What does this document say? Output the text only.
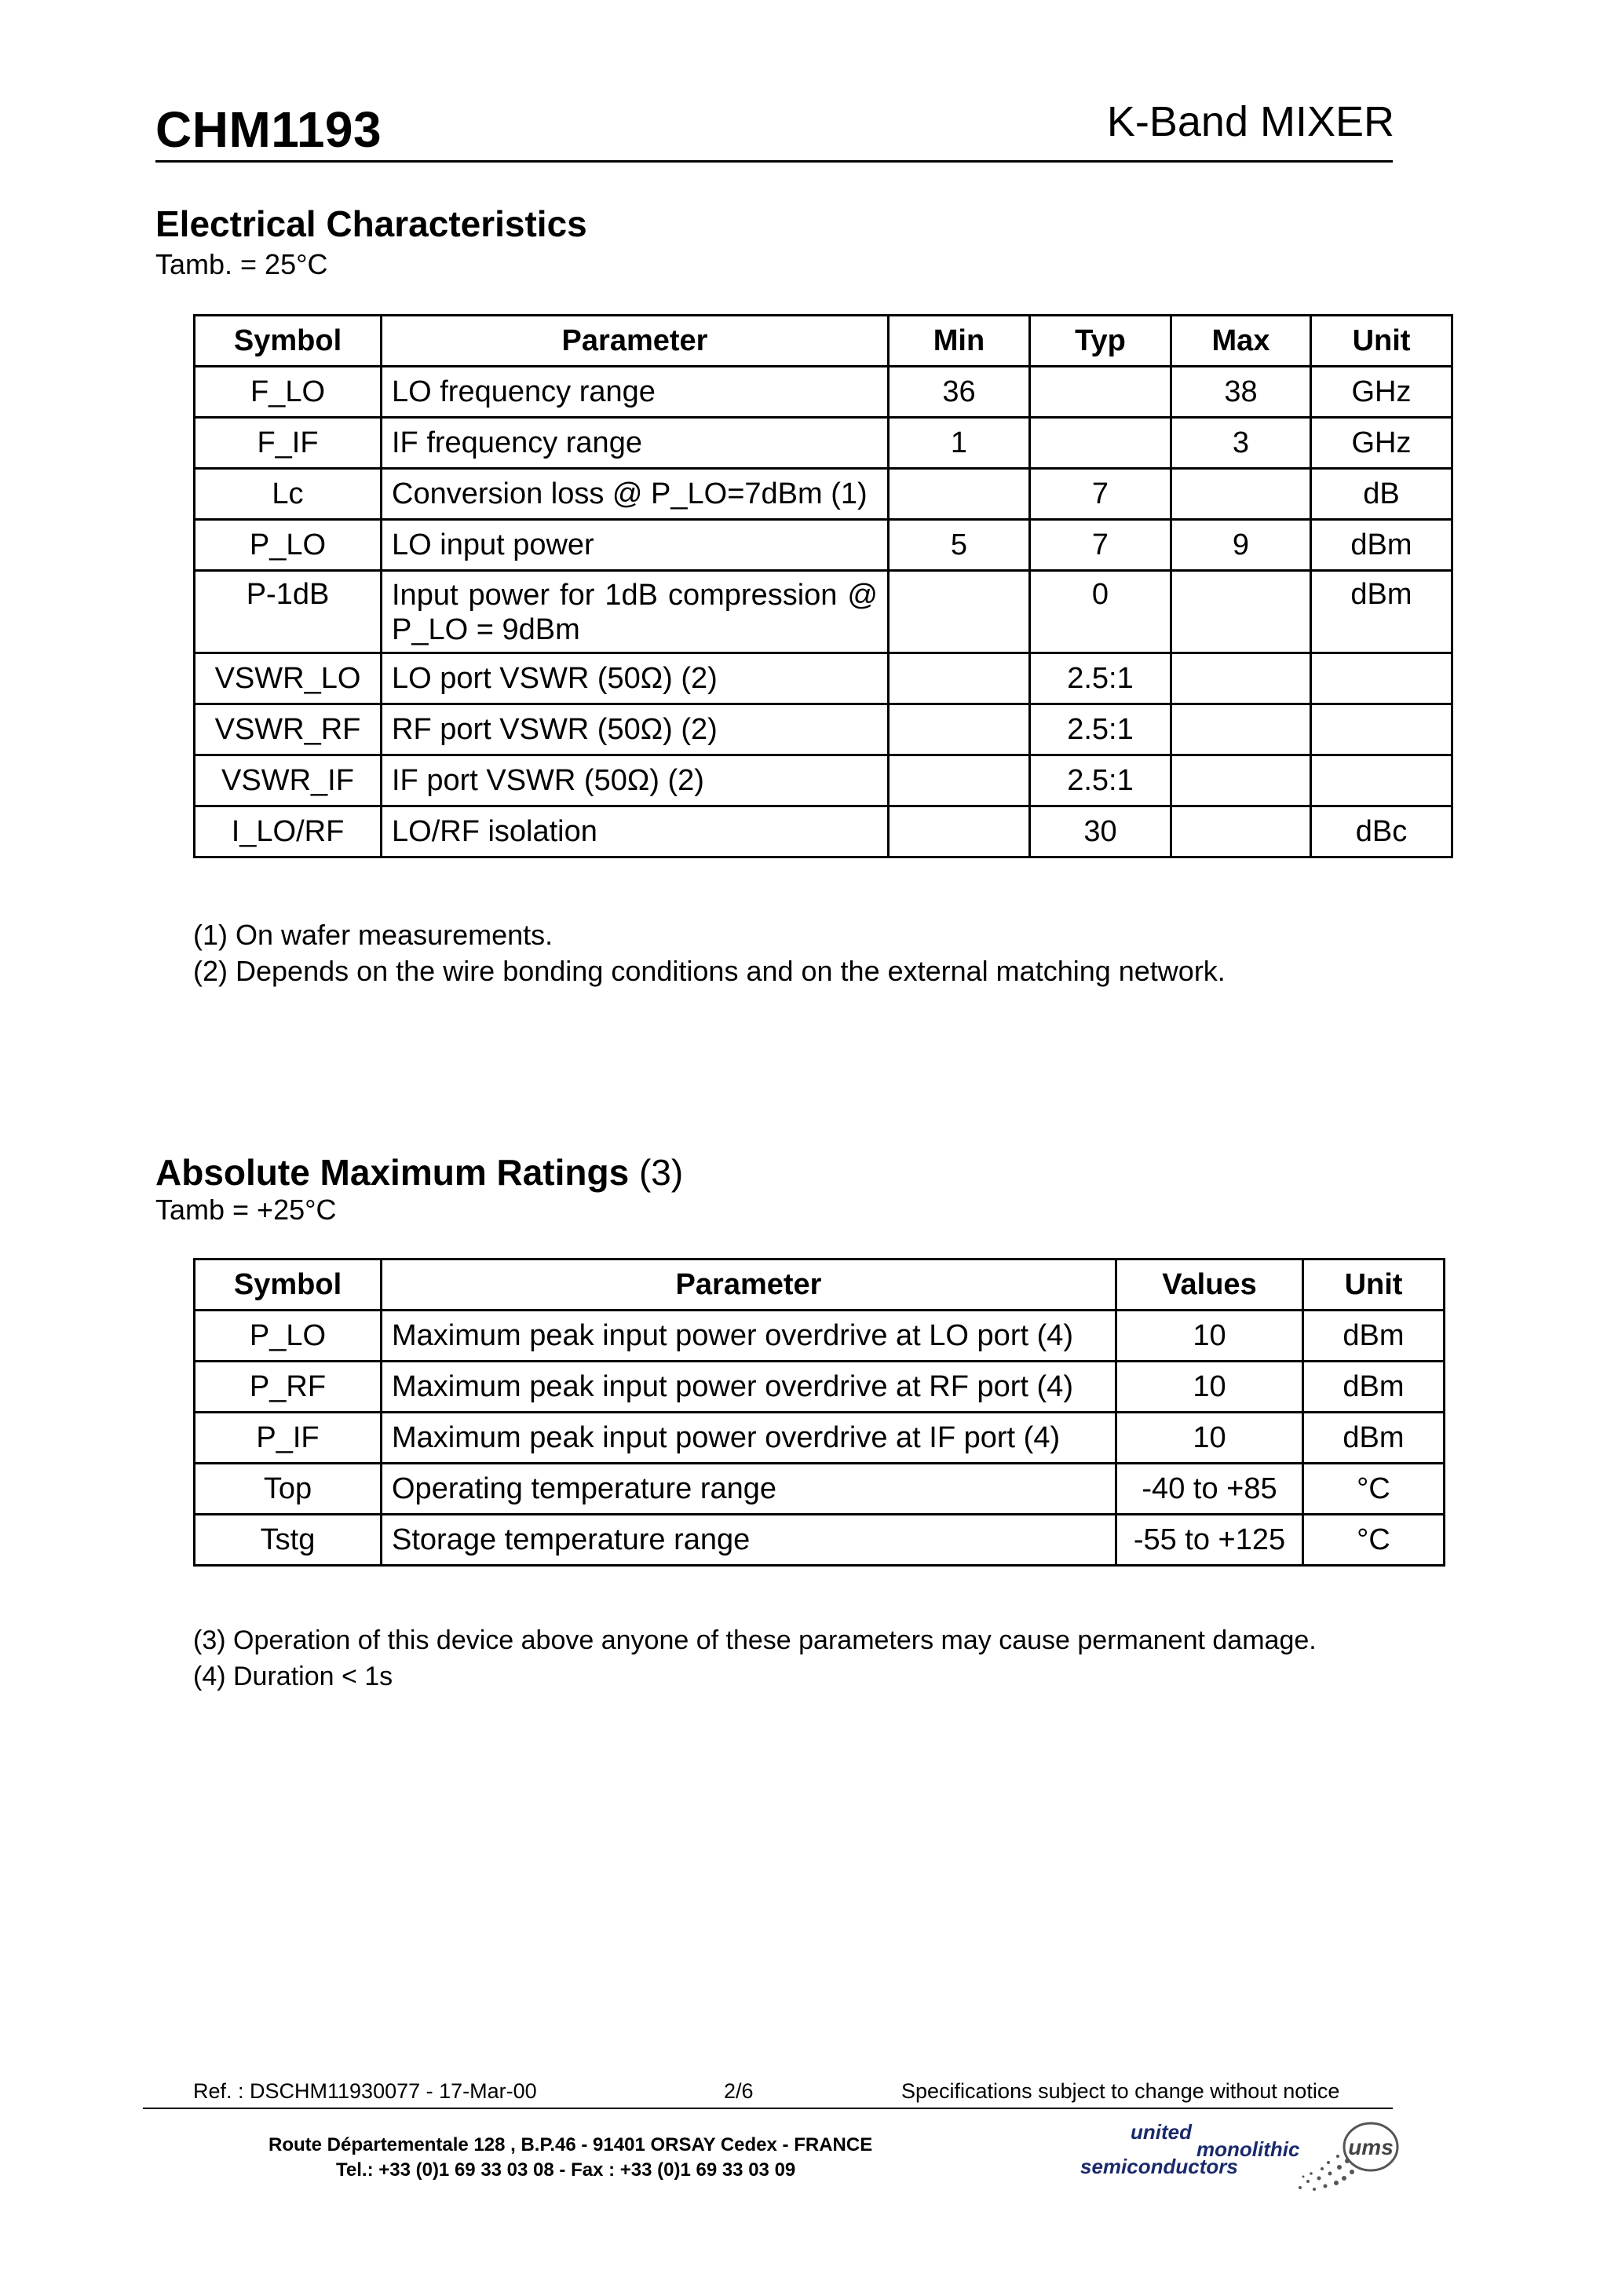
CHM1193	K-Band MIXER
Electrical Characteristics
Tamb. = 25°C
Symbol	Parameter	Min	Typ	Max	Unit
F_LO	LO frequency range	36		38	GHz
F_IF	IF frequency range	1		3	GHz
Lc	Conversion loss @ P_LO=7dBm (1)		7		dB
P_LO	LO input power	5	7	9	dBm
P-1dB	Input power for 1dB compression @ P_LO = 9dBm		0		dBm
VSWR_LO	LO port VSWR (50Ω) (2)		2.5:1		
VSWR_RF	RF port VSWR (50Ω) (2)		2.5:1		
VSWR_IF	IF port VSWR (50Ω) (2)		2.5:1		
I_LO/RF	LO/RF isolation		30		dBc
(1) On wafer measurements.
(2) Depends on the wire bonding conditions and on the external matching network.
Absolute Maximum Ratings (3)
Tamb = +25°C
Symbol	Parameter	Values	Unit
P_LO	Maximum peak input power overdrive at LO port (4)	10	dBm
P_RF	Maximum peak input power overdrive at RF port (4)	10	dBm
P_IF	Maximum peak input power overdrive at IF port (4)	10	dBm
Top	Operating temperature range	-40 to +85	°C
Tstg	Storage temperature range	-55 to +125	°C
(3) Operation of this device above anyone of these parameters may cause permanent damage.
(4) Duration < 1s
Ref. : DSCHM11930077 - 17-Mar-00	2/6	Specifications subject to change without notice
Route Départementale 128 , B.P.46 - 91401 ORSAY Cedex - FRANCE
Tel.: +33 (0)1 69 33 03 08 - Fax : +33 (0)1 69 33 03 09
united
monolithic
semiconductors
ums
